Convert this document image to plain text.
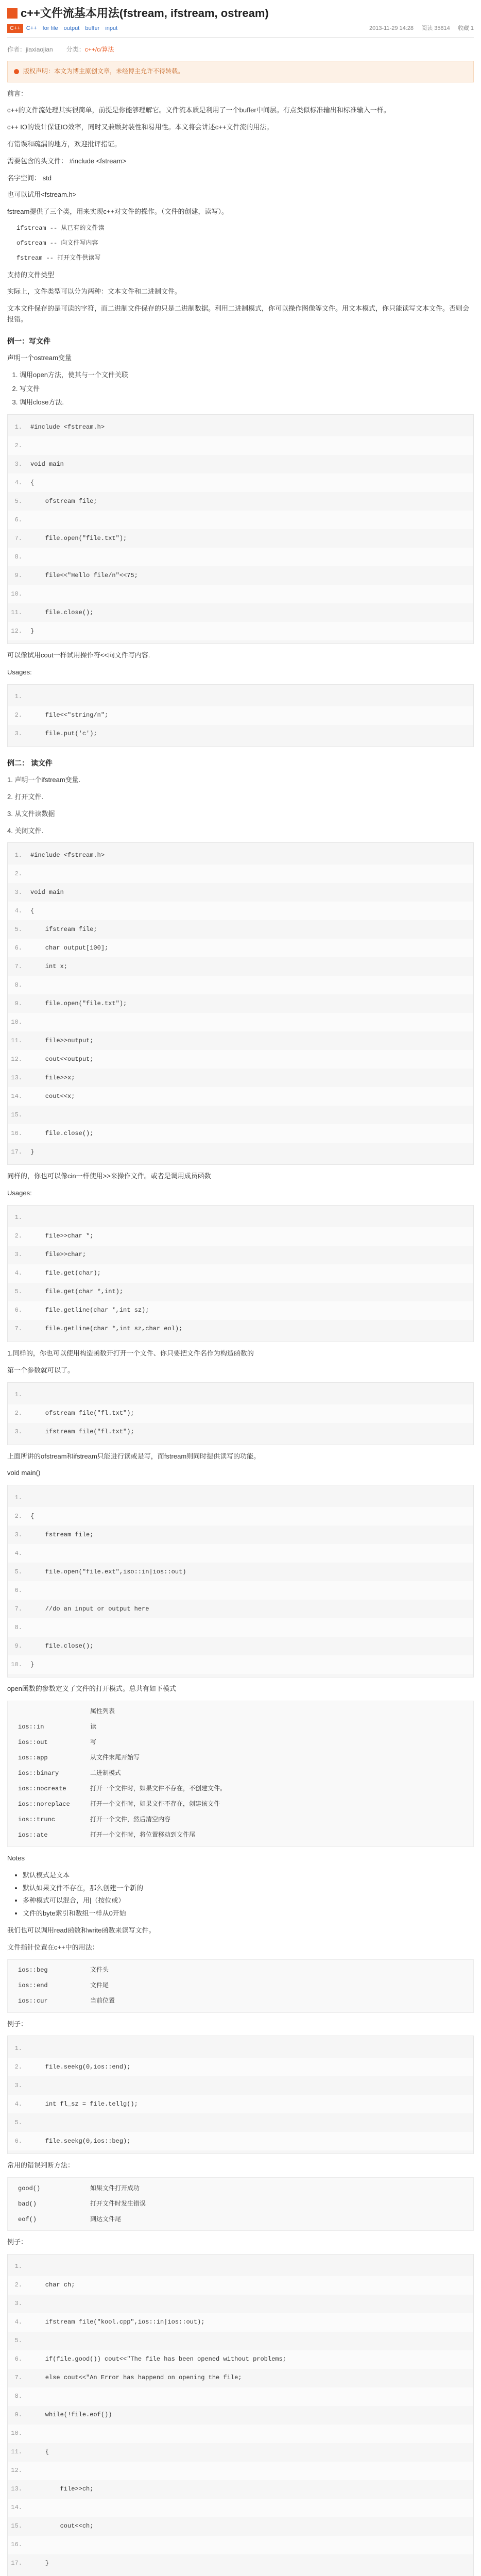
c++文件流基本用法(fstream, ifstream, ostream)
C++	C++ for file output buffer input	2013-11-29 14:28 阅读 35814 收藏 1
作者： jiaxiaojian 分类： c++/c/算法
版权声明：本文为博主原创文章，未经博主允许不得转载。

前言：

c++的文件流处理其实很简单，前提是你能够理解它。文件流本质是利用了一个buffer中间层。有点类似标准输出和标准输入一样。

c++ IO的设计保证IO效率，同时又兼顾封装性和易用性。本文将会讲述c++文件流的用法。

有错误和疏漏的地方，欢迎批评指证。

需要包含的头文件： #include <fstream>

名字空间： std

也可以试用<fstream.h>

fstream提供了三个类，用来实现c++对文件的操作。（文件的创建，读写）。

ifstream -- 从已有的文件读
ofstream -- 向文件写内容
fstream -- 打开文件供读写

支持的文件类型

实际上，文件类型可以分为两种：文本文件和二进制文件。

文本文件保存的是可读的字符，而二进制文件保存的只是二进制数据。利用二进制模式，你可以操作图像等文件。用文本模式，你只能读写文本文件。否则会报错。

例一：写文件

声明一个ostream变量

1. 调用open方法，使其与一个文件关联
2. 写文件
3. 调用close方法.
1.	#include <fstream.h>
2.
3.	void main
4.	{
5.	ofstream file;
6.
7.	file.open("file.txt");
8.
9.	file<<"Hello file/n"<<75;
10.
11.	file.close();
12.	}

可以像试用cout一样试用操作符<<向文件写内容.

Usages:

1.
2.	file<<"string/n";
3.	file.put('c');
例二： 读文件

1. 声明一个ifstream变量.

2. 打开文件.

3. 从文件读数据

4. 关闭文件.

1.	#include <fstream.h>
2.
3.	void main
4.	{
5.	ifstream file;
6.	char output[100];
7.	int x;
8.
9.	file.open("file.txt");
10.
11.	file>>output;
12.	cout<<output;
13.	file>>x;
14.	cout<<x;
15.
16.	file.close();
17.	}

同样的，你也可以像cin一样使用>>来操作文件。或者是调用成员函数

Usages:

1.
2.	file>>char *;
3.	file>>char;
4.	file.get(char);
5.	file.get(char *,int);
6.	file.getline(char *,int sz);
7.	file.getline(char *,int sz,char eol);

1.同样的，你也可以使用构造函数开打开一个文件、你只要把文件名作为构造函数的

第一个参数就可以了。

1.
2.	ofstream file("fl.txt");
3.	ifstream file("fl.txt");

上面所讲的ofstream和ifstream只能进行读或是写，而fstream则同时提供读写的功能。

void main()

1.
2.	{
3.	fstream file;
4.
5.	file.open("file.ext",iso::in|ios::out)
6.
7.	//do an input or output here
8.
9.	file.close();
10.	}

open函数的参数定义了文件的打开模式。总共有如下模式

属性列表
ios::in	读
ios::out	写
ios::app	从文件末尾开始写
ios::binary	二进制模式
ios::nocreate	打开一个文件时，如果文件不存在，不创建文件。
ios::noreplace	打开一个文件时，如果文件不存在，创建该文件
ios::trunc	打开一个文件，然后清空内容
ios::ate	打开一个文件时，将位置移动到文件尾

Notes

• 默认模式是文本
• 默认如果文件不存在，那么创建一个新的
• 多种模式可以混合，用|（按位或）
• 文件的byte索引和数组一样从0开始

我们也可以调用read函数和write函数来读写文件。

文件指针位置在c++中的用法：

ios::beg	文件头
ios::end	文件尾
ios::cur	当前位置

例子：

1.
2.	file.seekg(0,ios::end);
3.
4.	int fl_sz = file.tellg();
5.
6.	file.seekg(0,ios::beg);

常用的错误判断方法：

good()	如果文件打开成功
bad()	打开文件时发生错误
eof()	到达文件尾

例子：

1.
2.	char ch;
3.
4.	ifstream file("kool.cpp",ios::in|ios::out);
5.
6.	if(file.good()) cout<<"The file has been opened without problems;
7.	else cout<<"An Error has happend on opening the file;
8.
9.	while(!file.eof())
10.
11.	{
12.
13.	file>>ch;
14.
15.	cout<<ch;
16.
17.	}
